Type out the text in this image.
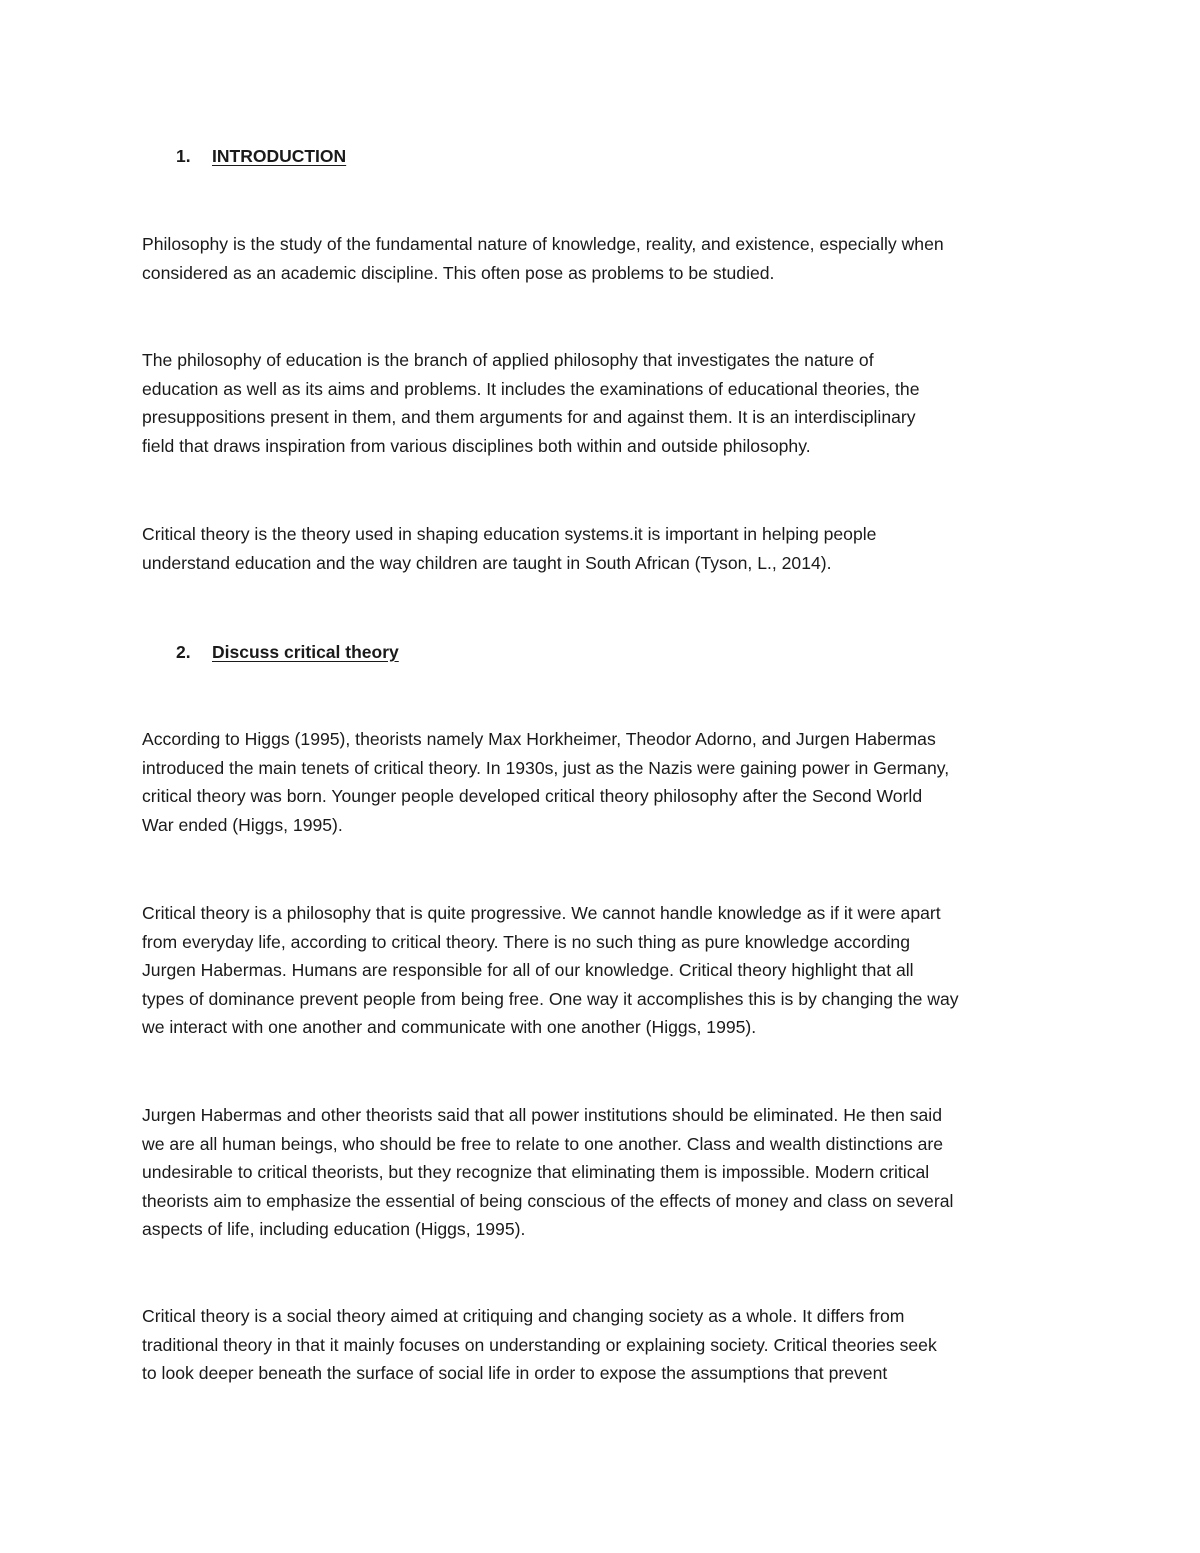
1. INTRODUCTION
Philosophy is the study of the fundamental nature of knowledge, reality, and existence, especially when
considered as an academic discipline. This often pose as problems to be studied.
The philosophy of education is the branch of applied philosophy that investigates the nature of
education as well as its aims and problems. It includes the examinations of educational theories, the
presuppositions present in them, and them arguments for and against them. It is an interdisciplinary
field that draws inspiration from various disciplines both within and outside philosophy.
Critical theory is the theory used in shaping education systems.it is important in helping people
understand education and the way children are taught in South African (Tyson, L., 2014).
2. Discuss critical theory
According to Higgs (1995), theorists namely Max Horkheimer, Theodor Adorno, and Jurgen Habermas
introduced the main tenets of critical theory. In 1930s, just as the Nazis were gaining power in Germany,
critical theory was born. Younger people developed critical theory philosophy after the Second World
War ended (Higgs, 1995).
Critical theory is a philosophy that is quite progressive. We cannot handle knowledge as if it were apart
from everyday life, according to critical theory. There is no such thing as pure knowledge according
Jurgen Habermas. Humans are responsible for all of our knowledge. Critical theory highlight that all
types of dominance prevent people from being free. One way it accomplishes this is by changing the way
we interact with one another and communicate with one another (Higgs, 1995).
Jurgen Habermas and other theorists said that all power institutions should be eliminated. He then said
we are all human beings, who should be free to relate to one another. Class and wealth distinctions are
undesirable to critical theorists, but they recognize that eliminating them is impossible. Modern critical
theorists aim to emphasize the essential of being conscious of the effects of money and class on several
aspects of life, including education (Higgs, 1995).
Critical theory is a social theory aimed at critiquing and changing society as a whole. It differs from
traditional theory in that it mainly focuses on understanding or explaining society. Critical theories seek
to look deeper beneath the surface of social life in order to expose the assumptions that prevent
